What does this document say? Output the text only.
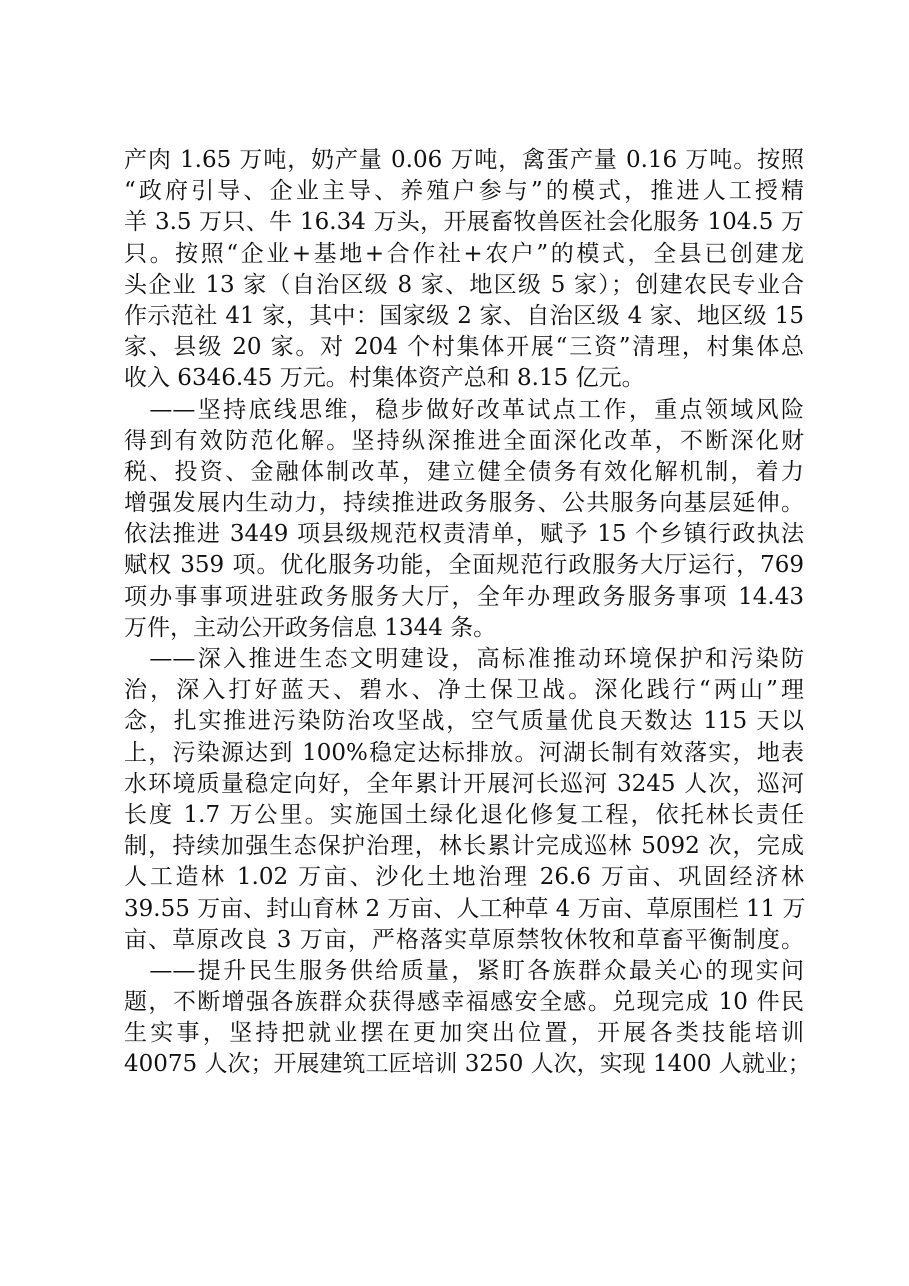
产肉 1.65 万吨，奶产量 0.06 万吨，禽蛋产量 0.16 万吨。按照
“政府引导、企业主导、养殖户参与”的模式，推进人工授精
羊 3.5 万只、牛 16.34 万头，开展畜牧兽医社会化服务 104.5 万
只。按照“企业+基地+合作社+农户”的模式，全县已创建龙
头企业 13 家（自治区级 8 家、地区级 5 家）；创建农民专业合
作示范社 41 家，其中：国家级 2 家、自治区级 4 家、地区级 15
家、县级 20 家。对 204 个村集体开展“三资”清理，村集体总
收入 6346.45 万元。村集体资产总和 8.15 亿元。
　——坚持底线思维，稳步做好改革试点工作，重点领域风险
得到有效防范化解。坚持纵深推进全面深化改革，不断深化财
税、投资、金融体制改革，建立健全债务有效化解机制，着力
增强发展内生动力，持续推进政务服务、公共服务向基层延伸。
依法推进 3449 项县级规范权责清单，赋予 15 个乡镇行政执法
赋权 359 项。优化服务功能，全面规范行政服务大厅运行，769
项办事事项进驻政务服务大厅，全年办理政务服务事项 14.43
万件，主动公开政务信息 1344 条。
　——深入推进生态文明建设，高标准推动环境保护和污染防
治，深入打好蓝天、碧水、净土保卫战。深化践行“两山”理
念，扎实推进污染防治攻坚战，空气质量优良天数达 115 天以
上，污染源达到 100%稳定达标排放。河湖长制有效落实，地表
水环境质量稳定向好，全年累计开展河长巡河 3245 人次，巡河
长度 1.7 万公里。实施国土绿化退化修复工程，依托林长责任
制，持续加强生态保护治理，林长累计完成巡林 5092 次，完成
人工造林 1.02 万亩、沙化土地治理 26.6 万亩、巩固经济林
39.55 万亩、封山育林 2 万亩、人工种草 4 万亩、草原围栏 11 万
亩、草原改良 3 万亩，严格落实草原禁牧休牧和草畜平衡制度。
　——提升民生服务供给质量，紧盯各族群众最关心的现实问
题，不断增强各族群众获得感幸福感安全感。兑现完成 10 件民
生实事，坚持把就业摆在更加突出位置，开展各类技能培训
40075 人次；开展建筑工匠培训 3250 人次，实现 1400 人就业；
